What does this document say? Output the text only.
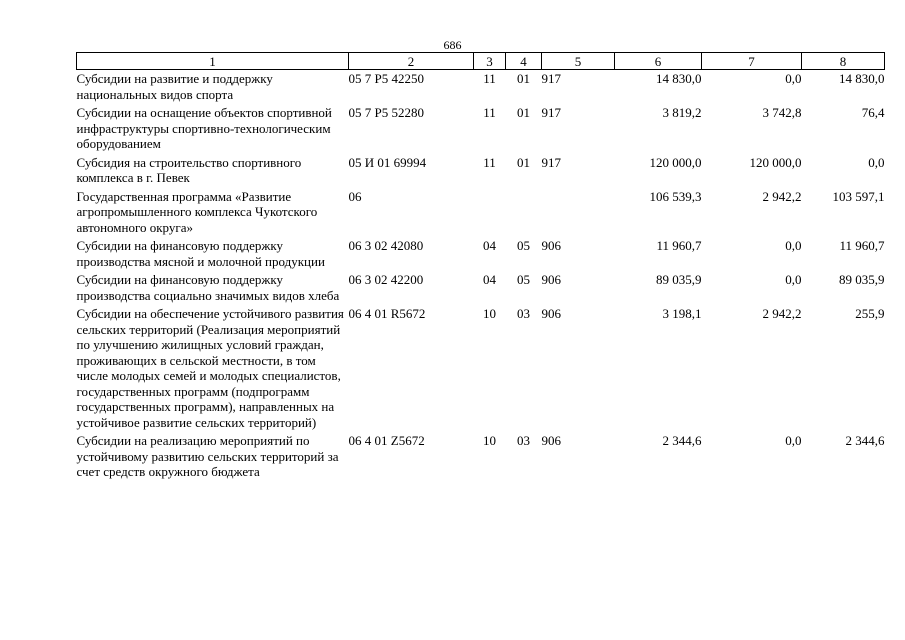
686
1	2	3	4	5	6	7	8
Субсидии на развитие и поддержку национальных видов спорта	05 7 P5 42250	11	01	917	14 830,0	0,0	14 830,0
Субсидии на оснащение объектов спортивной инфраструктуры спортивно-технологическим оборудованием	05 7 P5 52280	11	01	917	3 819,2	3 742,8	76,4
Субсидия на строительство спортивного комплекса в г. Певек	05 И 01 69994	11	01	917	120 000,0	120 000,0	0,0
Государственная программа «Развитие агропромышленного комплекса Чукотского автономного округа»	06				106 539,3	2 942,2	103 597,1
Субсидии на финансовую поддержку производства мясной и молочной продукции	06 3 02 42080	04	05	906	11 960,7	0,0	11 960,7
Субсидии на финансовую поддержку производства социально значимых видов хлеба	06 3 02 42200	04	05	906	89 035,9	0,0	89 035,9
Субсидии на обеспечение устойчивого развития сельских территорий (Реализация мероприятий по улучшению жилищных условий граждан, проживающих в сельской местности, в том числе молодых семей и молодых специалистов, государственных программ (подпрограмм государственных программ), направленных на устойчивое развитие сельских территорий)	06 4 01 R5672	10	03	906	3 198,1	2 942,2	255,9
Субсидии на реализацию мероприятий по устойчивому развитию сельских территорий за счет средств окружного бюджета	06 4 01 Z5672	10	03	906	2 344,6	0,0	2 344,6
